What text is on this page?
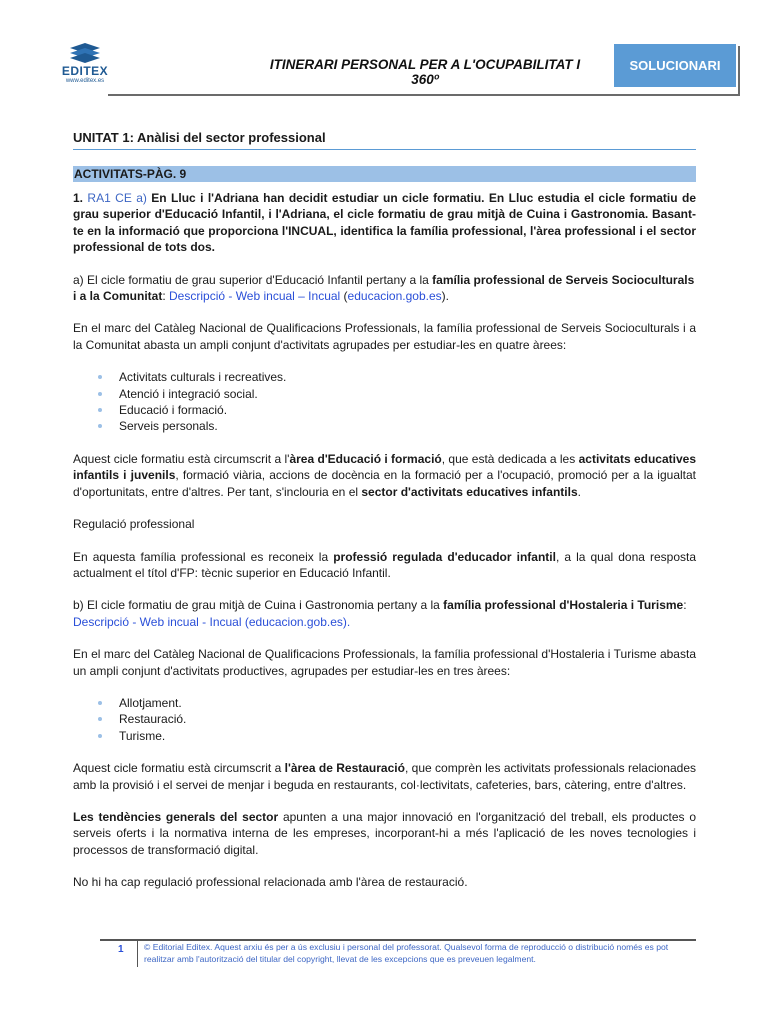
EDITEX
www.editex.es
ITINERARI PERSONAL PER A L'OCUPABILITAT I 360º
SOLUCIONARI
UNITAT 1: Anàlisi del sector professional
ACTIVITATS-PÀG. 9

1. RA1 CE a) En Lluc i l'Adriana han decidit estudiar un cicle formatiu. En Lluc estudia el cicle formatiu de grau superior d'Educació Infantil, i l'Adriana, el cicle formatiu de grau mitjà de Cuina i Gastronomia. Basant-te en la informació que proporciona l'INCUAL, identifica la família professional, l'àrea professional i el sector professional de tots dos.

a) El cicle formatiu de grau superior d'Educació Infantil pertany a la família professional de Serveis Socioculturals i a la Comunitat: Descripció - Web incual – Incual (educacion.gob.es).

En el marc del Catàleg Nacional de Qualificacions Professionals, la família professional de Serveis Socioculturals i a la Comunitat abasta un ampli conjunt d'activitats agrupades per estudiar-les en quatre àrees:

Activitats culturals i recreatives.
Atenció i integració social.
Educació i formació.
Serveis personals.

Aquest cicle formatiu està circumscrit a l'àrea d'Educació i formació, que està dedicada a les activitats educatives infantils i juvenils, formació viària, accions de docència en la formació per a l'ocupació, promoció per a la igualtat d'oportunitats, entre d'altres. Per tant, s'inclouria en el sector d'activitats educatives infantils.

Regulació professional

En aquesta família professional es reconeix la professió regulada d'educador infantil, a la qual dona resposta actualment el títol d'FP: tècnic superior en Educació Infantil.

b) El cicle formatiu de grau mitjà de Cuina i Gastronomia pertany a la família professional d'Hostaleria i Turisme:
Descripció - Web incual - Incual (educacion.gob.es).

En el marc del Catàleg Nacional de Qualificacions Professionals, la família professional d'Hostaleria i Turisme abasta un ampli conjunt d'activitats productives, agrupades per estudiar-les en tres àrees:

Allotjament.
Restauració.
Turisme.

Aquest cicle formatiu està circumscrit a l'àrea de Restauració, que comprèn les activitats professionals relacionades amb la provisió i el servei de menjar i beguda en restaurants, col·lectivitats, cafeteries, bars, càtering, entre d'altres.

Les tendències generals del sector apunten a una major innovació en l'organització del treball, els productes o serveis oferts i la normativa interna de les empreses, incorporant-hi a més l'aplicació de les noves tecnologies i processos de transformació digital.

No hi ha cap regulació professional relacionada amb l'àrea de restauració.

1 © Editorial Editex. Aquest arxiu és per a ús exclusiu i personal del professorat. Qualsevol forma de reproducció o distribució només es pot realitzar amb l'autorització del titular del copyright, llevat de les excepcions que es preveuen legalment.
